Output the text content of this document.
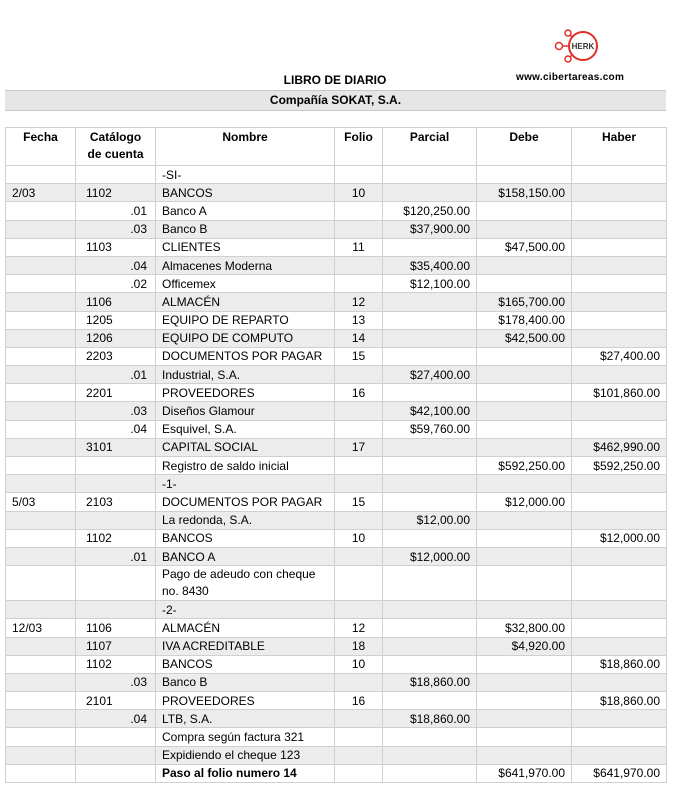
HERK
www.cibertareas.com
LIBRO DE DIARIO
Compañía SOKAT, S.A.
Fecha	Catálogo de cuenta	Nombre	Folio	Parcial	Debe	Haber
		-SI-				
2/03	1102	BANCOS	10		$158,150.00	
	.01	Banco A		$120,250.00		
	.03	Banco B		$37,900.00		
	1103	CLIENTES	11		$47,500.00	
	.04	Almacenes Moderna		$35,400.00		
	.02	Officemex		$12,100.00		
	1106	ALMACÉN	12		$165,700.00	
	1205	EQUIPO DE REPARTO	13		$178,400.00	
	1206	EQUIPO DE COMPUTO	14		$42,500.00	
	2203	DOCUMENTOS POR PAGAR	15			$27,400.00
	.01	Industrial, S.A.		$27,400.00		
	2201	PROVEEDORES	16			$101,860.00
	.03	Diseños Glamour		$42,100.00		
	.04	Esquivel, S.A.		$59,760.00		
	3101	CAPITAL SOCIAL	17			$462,990.00
		Registro de saldo inicial			$592,250.00	$592,250.00
		-1-				
5/03	2103	DOCUMENTOS POR PAGAR	15		$12,000.00	
		La redonda, S.A.		$12,00.00		
	1102	BANCOS	10			$12,000.00
	.01	BANCO A		$12,000.00		
		Pago de adeudo con cheque no. 8430				
		-2-				
12/03	1106	ALMACÉN	12		$32,800.00	
	1107	IVA ACREDITABLE	18		$4,920.00	
	1102	BANCOS	10			$18,860.00
	.03	Banco B		$18,860.00		
	2101	PROVEEDORES	16			$18,860.00
	.04	LTB, S.A.		$18,860.00		
		Compra según factura 321				
		Expidiendo el cheque 123				
		Paso al folio numero 14			$641,970.00	$641,970.00
